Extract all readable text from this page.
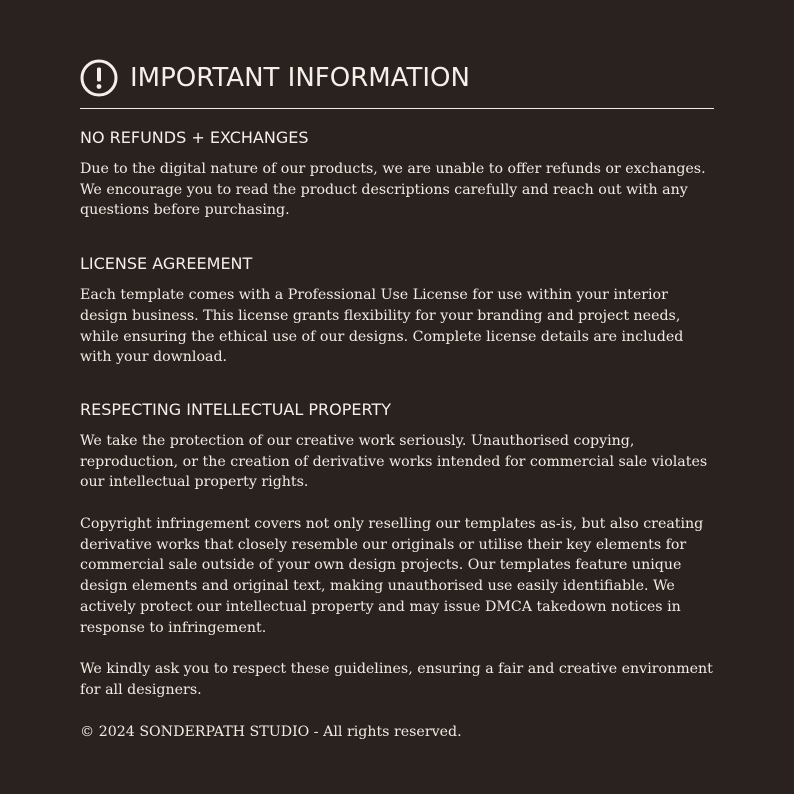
IMPORTANT INFORMATION
NO REFUNDS + EXCHANGES

Due to the digital nature of our products, we are unable to offer refunds or exchanges. We encourage you to read the product descriptions carefully and reach out with any questions before purchasing.

LICENSE AGREEMENT

Each template comes with a Professional Use License for use within your interior design business. This license grants flexibility for your branding and project needs, while ensuring the ethical use of our designs. Complete license details are included with your download.

RESPECTING INTELLECTUAL PROPERTY

We take the protection of our creative work seriously. Unauthorised copying, reproduction, or the creation of derivative works intended for commercial sale violates our intellectual property rights.

Copyright infringement covers not only reselling our templates as-is, but also creating derivative works that closely resemble our originals or utilise their key elements for commercial sale outside of your own design projects. Our templates feature unique design elements and original text, making unauthorised use easily identifiable. We actively protect our intellectual property and may issue DMCA takedown notices in response to infringement.

We kindly ask you to respect these guidelines, ensuring a fair and creative environment for all designers.

© 2024 SONDERPATH STUDIO - All rights reserved.
